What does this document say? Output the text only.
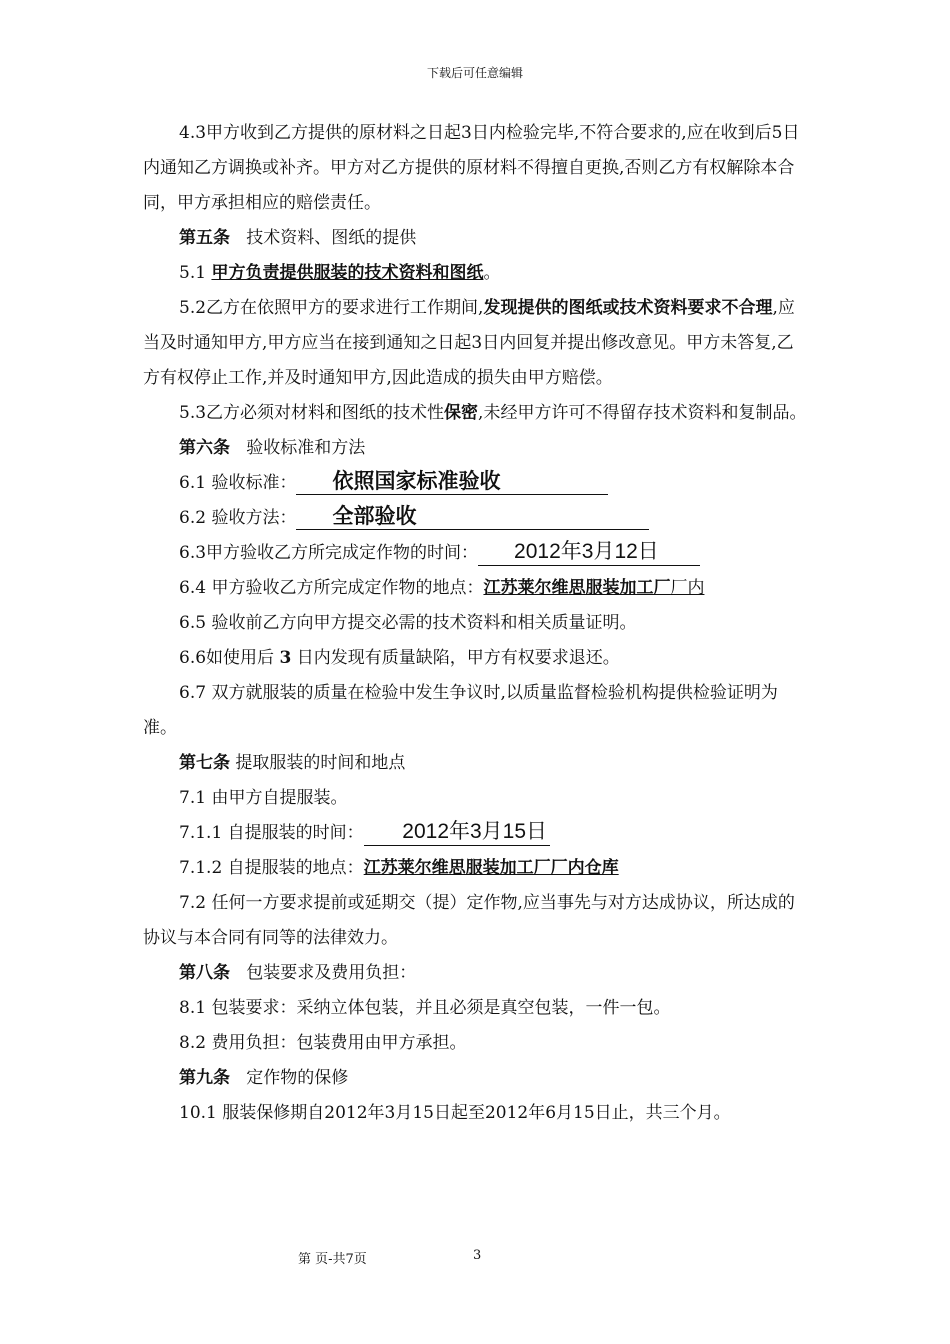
下载后可任意编辑

4.3甲方收到乙方提供的原材料之日起3日内检验完毕,不符合要求的,应在收到后5日内通知乙方调换或补齐。甲方对乙方提供的原材料不得擅自更换,否则乙方有权解除本合同，甲方承担相应的赔偿责任。

第五条 技术资料、图纸的提供

5.1 甲方负责提供服装的技术资料和图纸。

5.2乙方在依照甲方的要求进行工作期间,发现提供的图纸或技术资料要求不合理,应当及时通知甲方,甲方应当在接到通知之日起3日内回复并提出修改意见。甲方未答复,乙方有权停止工作,并及时通知甲方,因此造成的损失由甲方赔偿。

5.3乙方必须对材料和图纸的技术性保密,未经甲方许可不得留存技术资料和复制品。

第六条 验收标准和方法

6.1 验收标准： 依照国家标准验收

6.2 验收方法： 全部验收

6.3甲方验收乙方所完成定作物的时间： 2012年3月12日

6.4 甲方验收乙方所完成定作物的地点：江苏莱尔维思服装加工厂厂内

6.5 验收前乙方向甲方提交必需的技术资料和相关质量证明。

6.6如使用后 3 日内发现有质量缺陷，甲方有权要求退还。

6.7 双方就服装的质量在检验中发生争议时,以质量监督检验机构提供检验证明为准。

第七条 提取服装的时间和地点

7.1 由甲方自提服装。

7.1.1 自提服装的时间： 2012年3月15日

7.1.2 自提服装的地点：江苏莱尔维思服装加工厂厂内仓库

7.2 任何一方要求提前或延期交（提）定作物,应当事先与对方达成协议，所达成的协议与本合同有同等的法律效力。

第八条 包装要求及费用负担：

8.1 包装要求：采纳立体包装，并且必须是真空包装，一件一包。

8.2 费用负担：包装费用由甲方承担。

第九条 定作物的保修

10.1 服装保修期自2012年3月15日起至2012年6月15日止，共三个月。

第 页-共7页	3
